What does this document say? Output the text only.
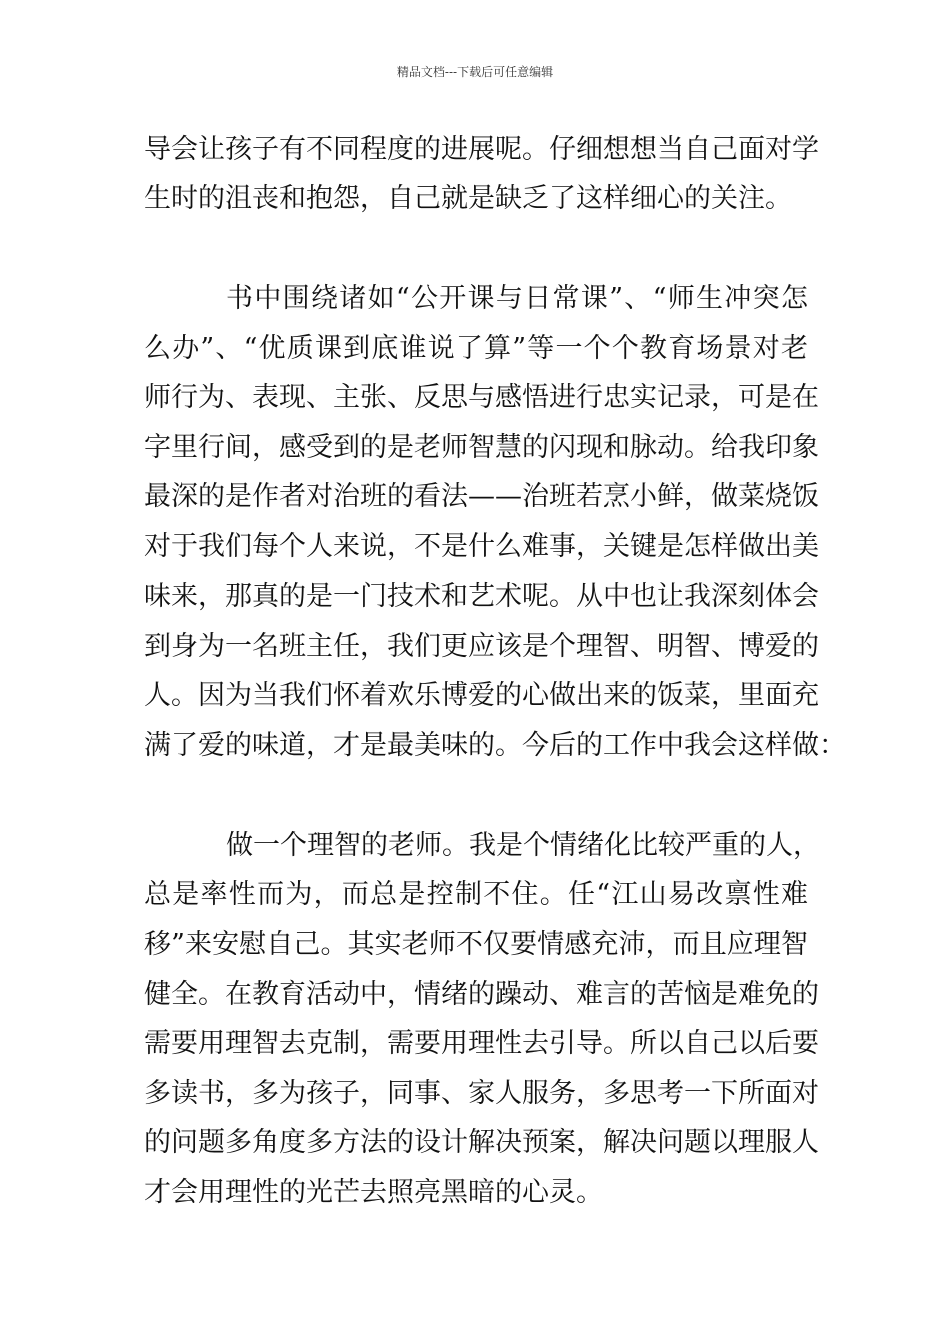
精品文档---下载后可任意编辑
导会让孩子有不同程度的进展呢。仔细想想当自己面对学
生时的沮丧和抱怨，自己就是缺乏了这样细心的关注。
书中围绕诸如“公开课与日常课”、“师生冲突怎
么办”、“优质课到底谁说了算”等一个个教育场景对老
师行为、表现、主张、反思与感悟进行忠实记录，可是在
字里行间，感受到的是老师智慧的闪现和脉动。给我印象
最深的是作者对治班的看法——治班若烹小鲜，做菜烧饭
对于我们每个人来说，不是什么难事，关键是怎样做出美
味来，那真的是一门技术和艺术呢。从中也让我深刻体会
到身为一名班主任，我们更应该是个理智、明智、博爱的
人。因为当我们怀着欢乐博爱的心做出来的饭菜，里面充
满了爱的味道，才是最美味的。今后的工作中我会这样做：
做一个理智的老师。我是个情绪化比较严重的人，
总是率性而为，而总是控制不住。任“江山易改禀性难
移”来安慰自己。其实老师不仅要情感充沛，而且应理智
健全。在教育活动中，情绪的躁动、难言的苦恼是难免的
需要用理智去克制，需要用理性去引导。所以自己以后要
多读书，多为孩子，同事、家人服务，多思考一下所面对
的问题多角度多方法的设计解决预案，解决问题以理服人
才会用理性的光芒去照亮黑暗的心灵。
